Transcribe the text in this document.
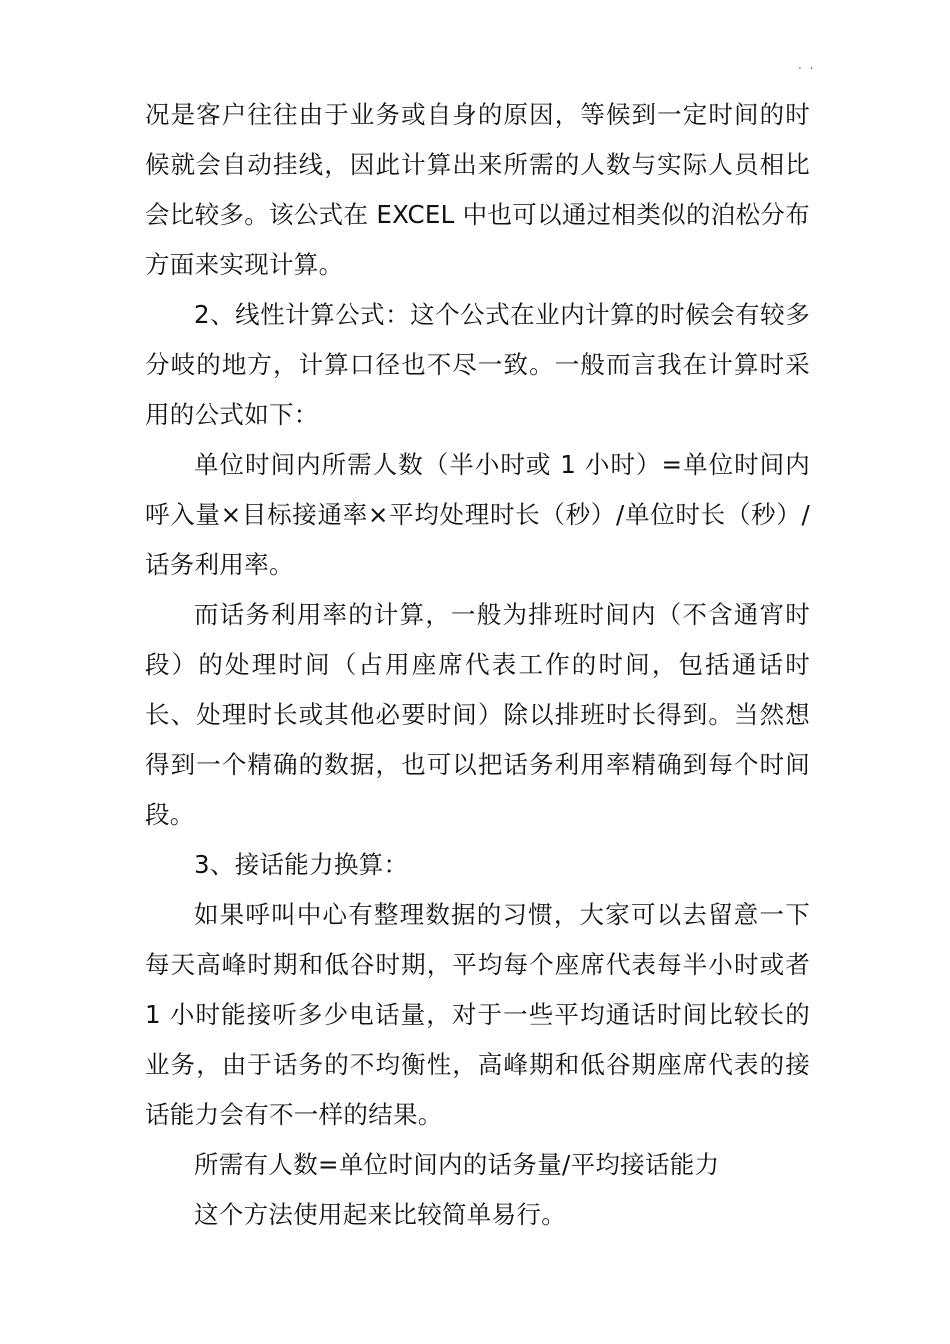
. .

况是客户往往由于业务或自身的原因，等候到一定时间的时候就会自动挂线，因此计算出来所需的人数与实际人员相比会比较多。该公式在 EXCEL 中也可以通过相类似的泊松分布方面来实现计算。

2、线性计算公式：这个公式在业内计算的时候会有较多分岐的地方，计算口径也不尽一致。一般而言我在计算时采用的公式如下：

单位时间内所需人数（半小时或 1 小时）=单位时间内呼入量×目标接通率×平均处理时长（秒）/单位时长（秒）/话务利用率。

而话务利用率的计算，一般为排班时间内（不含通宵时段）的处理时间（占用座席代表工作的时间，包括通话时长、处理时长或其他必要时间）除以排班时长得到。当然想得到一个精确的数据，也可以把话务利用率精确到每个时间段。

3、接话能力换算：

如果呼叫中心有整理数据的习惯，大家可以去留意一下每天高峰时期和低谷时期，平均每个座席代表每半小时或者 1 小时能接听多少电话量，对于一些平均通话时间比较长的业务，由于话务的不均衡性，高峰期和低谷期座席代表的接话能力会有不一样的结果。

所需有人数=单位时间内的话务量/平均接话能力

这个方法使用起来比较简单易行。
